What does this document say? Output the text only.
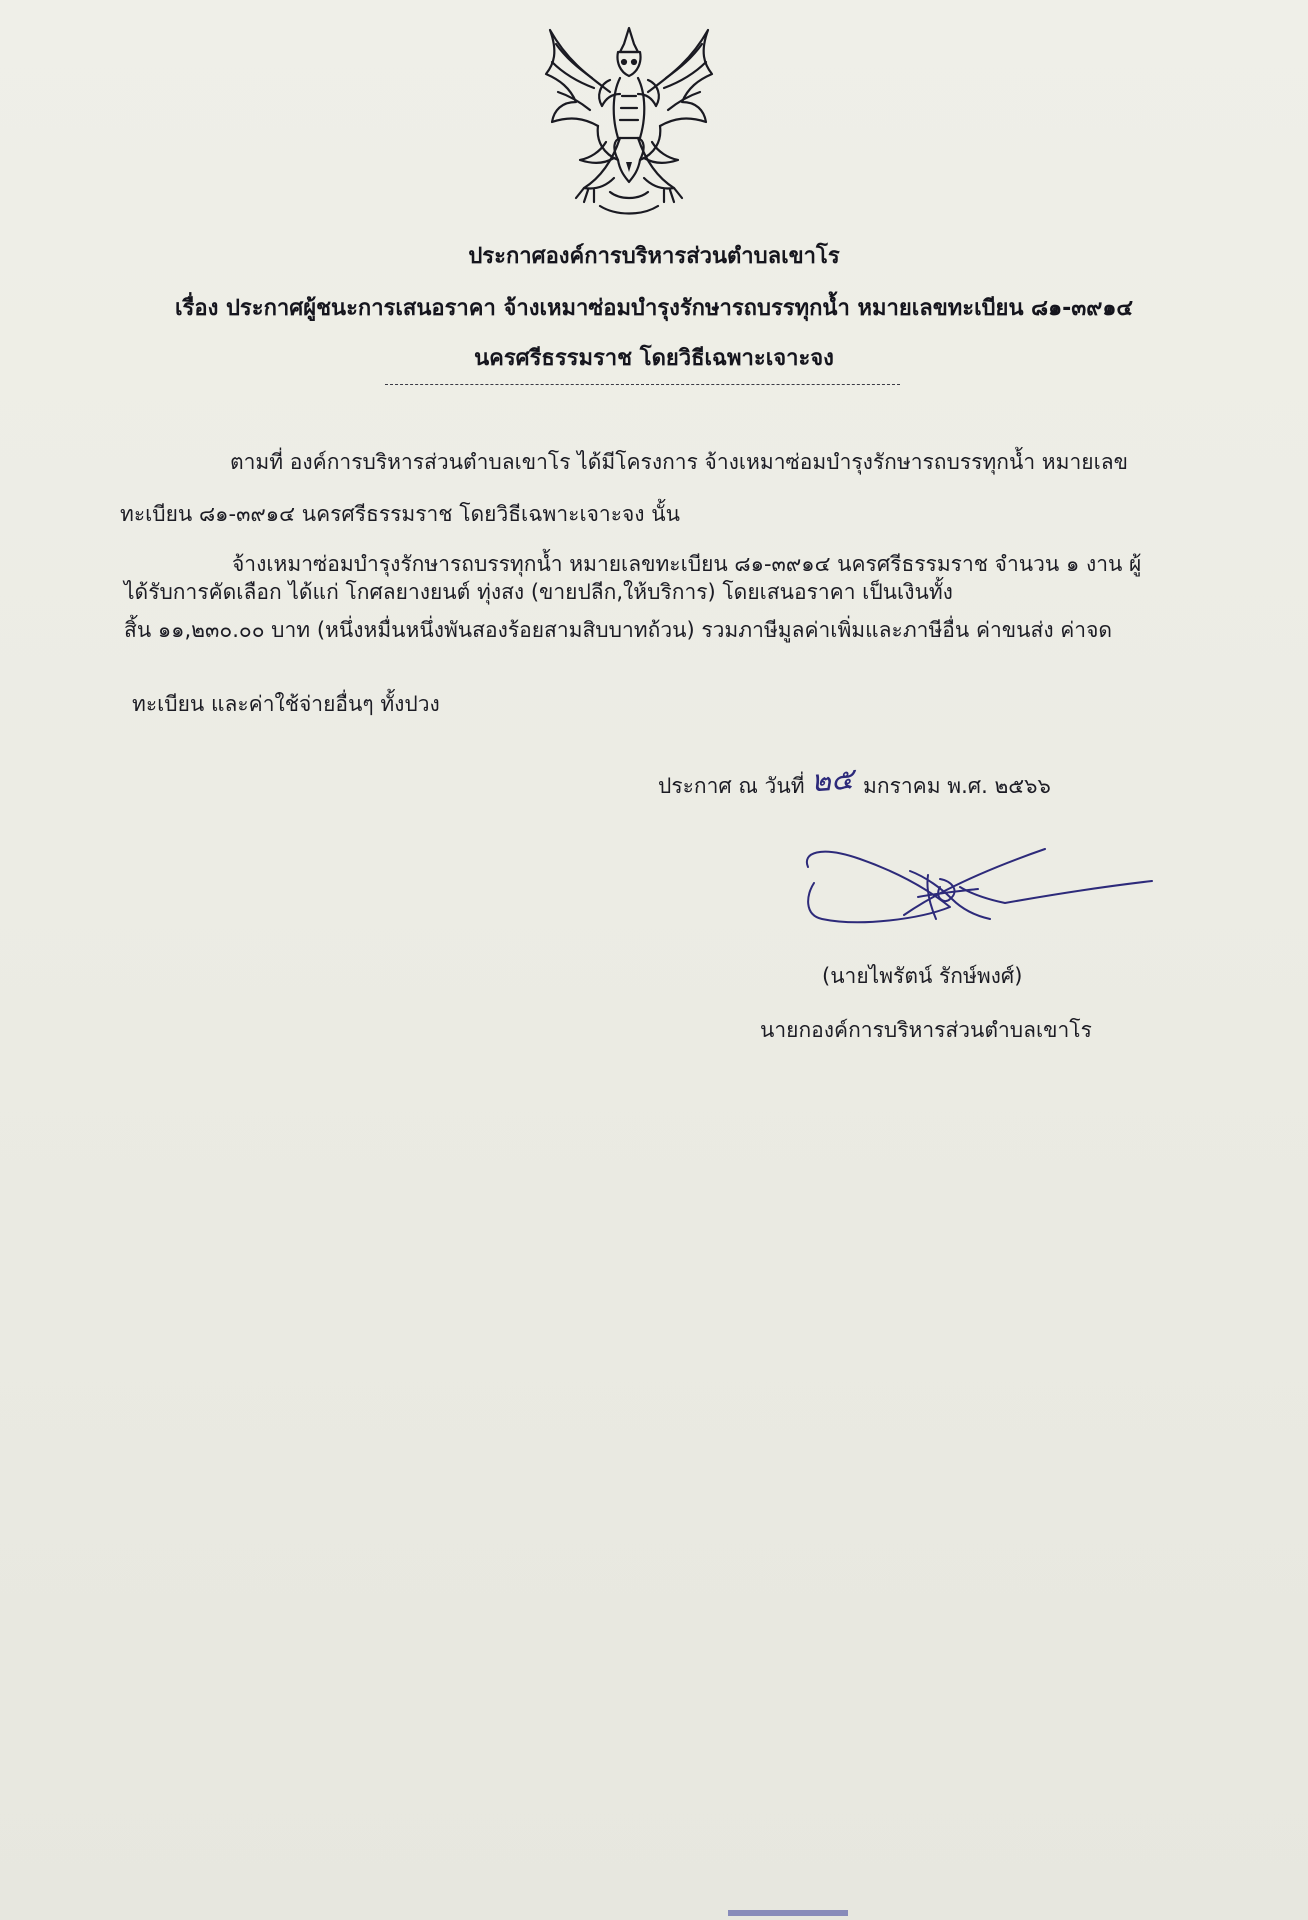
ประกาศองค์การบริหารส่วนตำบลเขาโร
เรื่อง ประกาศผู้ชนะการเสนอราคา จ้างเหมาซ่อมบำรุงรักษารถบรรทุกน้ำ หมายเลขทะเบียน ๘๑-๓๙๑๔
นครศรีธรรมราช โดยวิธีเฉพาะเจาะจง
ตามที่ องค์การบริหารส่วนตำบลเขาโร ได้มีโครงการ จ้างเหมาซ่อมบำรุงรักษารถบรรทุกน้ำ หมายเลข
ทะเบียน ๘๑-๓๙๑๔ นครศรีธรรมราช โดยวิธีเฉพาะเจาะจง นั้น
จ้างเหมาซ่อมบำรุงรักษารถบรรทุกน้ำ หมายเลขทะเบียน ๘๑-๓๙๑๔ นครศรีธรรมราช จำนวน ๑ งาน ผู้
ได้รับการคัดเลือก ได้แก่ โกศลยางยนต์ ทุ่งสง (ขายปลีก,ให้บริการ) โดยเสนอราคา เป็นเงินทั้ง
สิ้น ๑๑,๒๓๐.๐๐ บาท (หนึ่งหมื่นหนึ่งพันสองร้อยสามสิบบาทถ้วน) รวมภาษีมูลค่าเพิ่มและภาษีอื่น ค่าขนส่ง ค่าจด
ทะเบียน และค่าใช้จ่ายอื่นๆ ทั้งปวง
ประกาศ ณ วันที่ ๒๕ มกราคม พ.ศ. ๒๕๖๖
(นายไพรัตน์ รักษ์พงศ์)
นายกองค์การบริหารส่วนตำบลเขาโร
